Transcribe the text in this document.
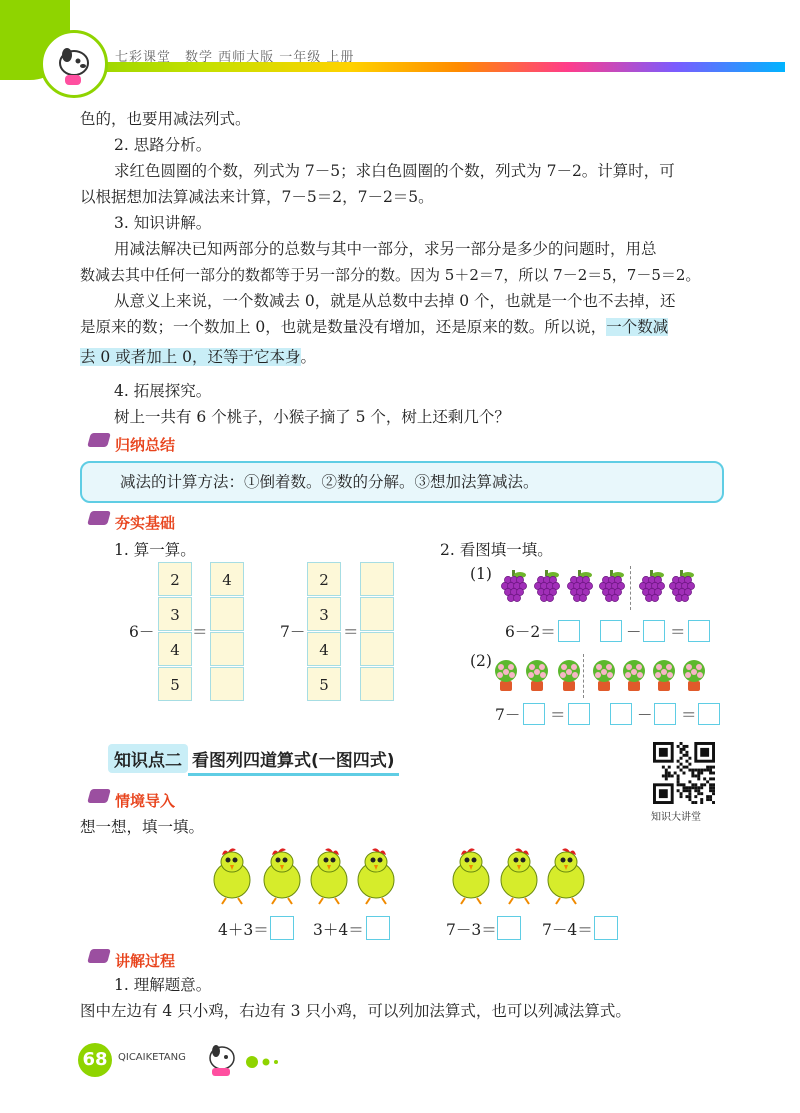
七彩课堂　数学 西师大版 一年级 上册
色的，也要用减法列式。
2. 思路分析。
求红色圆圈的个数，列式为 7－5；求白色圆圈的个数，列式为 7－2。计算时，可
以根据想加法算减法来计算，7－5＝2，7－2＝5。
3. 知识讲解。
用减法解决已知两部分的总数与其中一部分，求另一部分是多少的问题时，用总
数减去其中任何一部分的数都等于另一部分的数。因为 5＋2＝7，所以 7－2＝5，7－5＝2。
从意义上来说，一个数减去 0，就是从总数中去掉 0 个，也就是一个也不去掉，还
是原来的数；一个数加上 0，也就是数量没有增加，还是原来的数。所以说，一个数减
去 0 或者加上 0，还等于它本身。
4. 拓展探究。
树上一共有 6 个桃子，小猴子摘了 5 个，树上还剩几个？
归纳总结
减法的计算方法：①倒着数。②数的分解。③想加法算减法。
夯实基础
1. 算一算。	2. 看图填一填。
6－ ＝
2
3
4
5
4
7－ ＝
2
3
4
5
(1)
6－2＝	－ ＝
(2)
7－ ＝	－ ＝
知识点二 看图列四道算式(一图四式)
知识大讲堂
情境导入
想一想，填一填。
4＋3＝	3＋4＝	7－3＝	7－4＝
讲解过程
1. 理解题意。
图中左边有 4 只小鸡，右边有 3 只小鸡，可以列加法算式，也可以列减法算式。
68	QICAIKETANG
